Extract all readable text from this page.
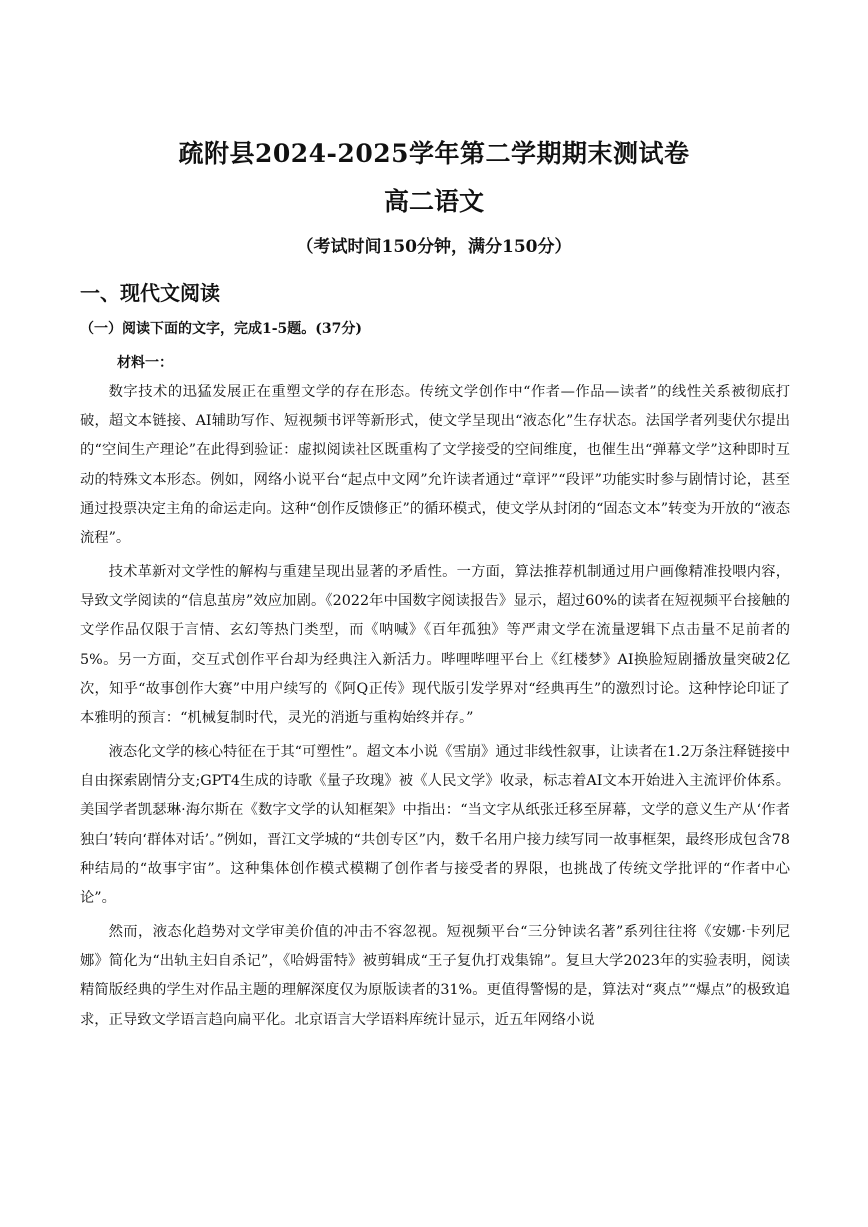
疏附县2024-2025学年第二学期期末测试卷
高二语文
（考试时间150分钟，满分150分）
一、现代文阅读
（一）阅读下面的文字，完成1-5题。(37分)
材料一：

数字技术的迅猛发展正在重塑文学的存在形态。传统文学创作中“作者—作品—读者”的线性关系被彻底打破，超文本链接、AI辅助写作、短视频书评等新形式，使文学呈现出“液态化”生存状态。法国学者列斐伏尔提出的“空间生产理论”在此得到验证：虚拟阅读社区既重构了文学接受的空间维度，也催生出“弹幕文学”这种即时互动的特殊文本形态。例如，网络小说平台“起点中文网”允许读者通过“章评”“段评”功能实时参与剧情讨论，甚至通过投票决定主角的命运走向。这种“创作反馈修正”的循环模式，使文学从封闭的“固态文本”转变为开放的“液态流程”。

技术革新对文学性的解构与重建呈现出显著的矛盾性。一方面，算法推荐机制通过用户画像精准投喂内容，导致文学阅读的“信息茧房”效应加剧。《2022年中国数字阅读报告》显示，超过60%的读者在短视频平台接触的文学作品仅限于言情、玄幻等热门类型，而《呐喊》《百年孤独》等严肃文学在流量逻辑下点击量不足前者的5%。另一方面，交互式创作平台却为经典注入新活力。哔哩哔哩平台上《红楼梦》AI换脸短剧播放量突破2亿次，知乎“故事创作大赛”中用户续写的《阿Q正传》现代版引发学界对“经典再生”的激烈讨论。这种悖论印证了本雅明的预言：“机械复制时代，灵光的消逝与重构始终并存。”

液态化文学的核心特征在于其“可塑性”。超文本小说《雪崩》通过非线性叙事，让读者在1.2万条注释链接中自由探索剧情分支;GPT4生成的诗歌《量子玫瑰》被《人民文学》收录，标志着AI文本开始进入主流评价体系。美国学者凯瑟琳·海尔斯在《数字文学的认知框架》中指出：“当文字从纸张迁移至屏幕，文学的意义生产从‘作者独白’转向‘群体对话’。”例如，晋江文学城的“共创专区”内，数千名用户接力续写同一故事框架，最终形成包含78种结局的“故事宇宙”。这种集体创作模式模糊了创作者与接受者的界限，也挑战了传统文学批评的“作者中心论”。

然而，液态化趋势对文学审美价值的冲击不容忽视。短视频平台“三分钟读名著”系列往往将《安娜·卡列尼娜》简化为“出轨主妇自杀记”，《哈姆雷特》被剪辑成“王子复仇打戏集锦”。复旦大学2023年的实验表明，阅读精简版经典的学生对作品主题的理解深度仅为原版读者的31%。更值得警惕的是，算法对“爽点”“爆点”的极致追求，正导致文学语言趋向扁平化。北京语言大学语料库统计显示，近五年网络小说
